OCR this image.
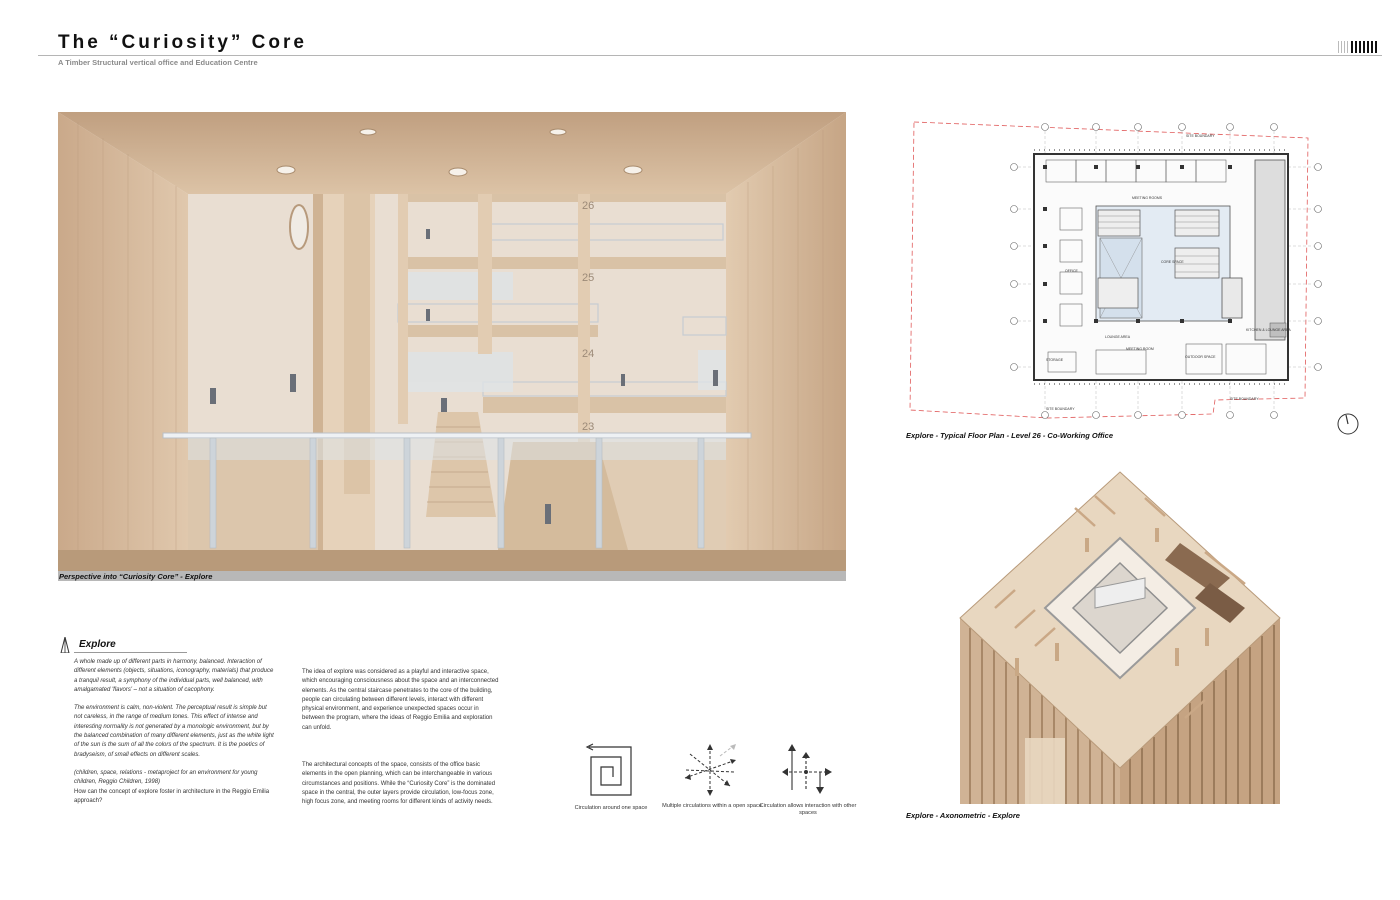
The “Curiosity” Core
A Timber Structural vertical office and Education Centre
26
25
24
23
Perspective into “Curiosity Core” - Explore
SITE BOUNDARY
MEETING ROOMS
CORE SPACE
OFFICE
LOUNGE AREA
MEETING ROOM
STORAGE
OUTDOOR SPACE
KITCHEN & LOUNGE AREA
SITE BOUNDARY
SITE BOUNDARY
Explore - Typical Floor Plan - Level 26 - Co-Working Office
Explore - Axonometric - Explore
Explore

A whole made up of different parts in harmony, balanced. Interaction of different elements (objects, situations, iconography, materials) that produce a tranquil result, a symphony of the individual parts, well balanced, with amalgamated 'flavors' – not a situation of cacophony.

The environment is calm, non-violent. The perceptual result is simple but not careless, in the range of medium tones. This effect of intense and interesting normality is not generated by a monologic environment, but by the balanced combination of many different elements, just as the white light of the sun is the sum of all the colors of the spectrum. It is the poetics of bradyseism, of small effects on different scales.

(children, space, relations - metaproject for an environment for young children, Reggio Children, 1998)

How can the concept of explore foster in architecture in the Reggio Emilia approach?

The idea of explore was considered as a playful and interactive space, which encouraging consciousness about the space and an interconnected elements. As the central staircase penetrates to the core of the building, people can circulating between different levels, interact with different physical environment, and experience unexpected spaces occur in between the program, where the ideas of Reggio Emilia and exploration can unfold.

The architectural concepts of the space, consists of the office basic elements in the open planning, which can be interchangeable in various circumstances and positions. While the “Curiosity Core” is the dominated space in the central, the outer layers provide circulation, low-focus zone, high focus zone, and meeting rooms for different kinds of activity needs.

Circulation around one space	Multiple circulations within a open space
Circulation allows interaction with other spaces
